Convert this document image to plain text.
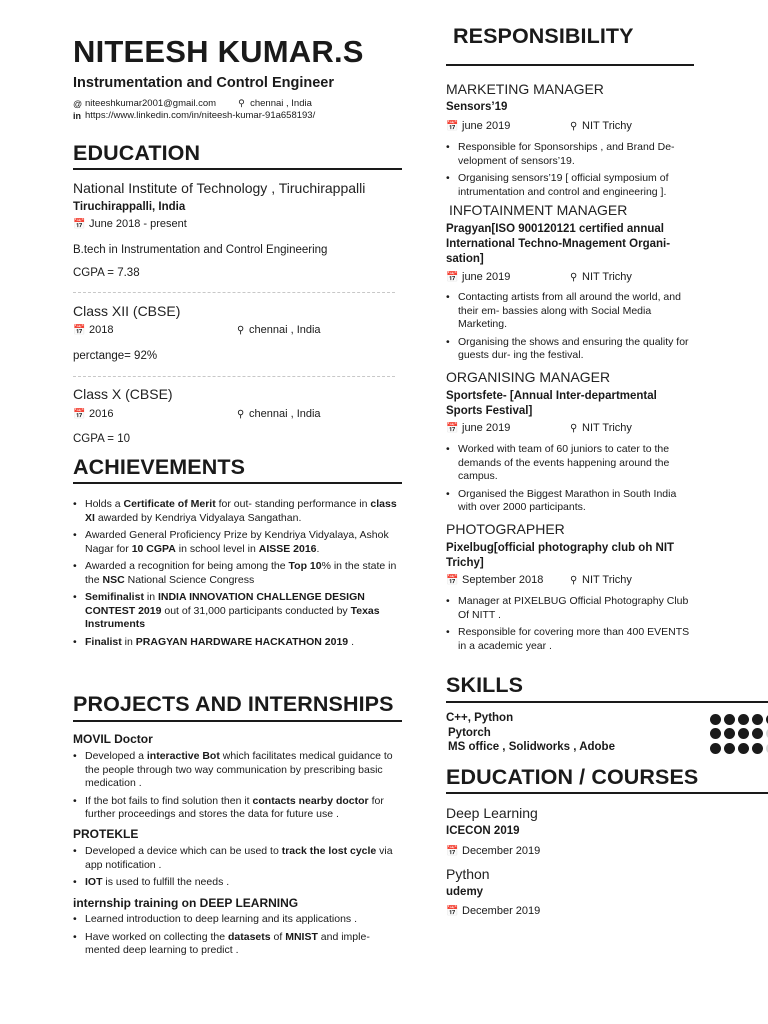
NITEESH KUMAR.S
Instrumentation and Control Engineer
@ niteeshkumar2001@gmail.com ⚲ chennai , India
in https://www.linkedin.com/in/niteesh-kumar-91a658193/
EDUCATION
National Institute of Technology , Tiruchirappalli
Tiruchirappalli, India
📅 June 2018 - present
B.tech in Instrumentation and Control Engineering
CGPA = 7.38
Class XII (CBSE)
📅 2018	⚲ chennai , India
perctange= 92%
Class X (CBSE)
📅 2016	⚲ chennai , India
CGPA = 10
ACHIEVEMENTS
• Holds a Certificate of Merit for out- standing performance in class XI awarded by Kendriya Vidyalaya Sangathan.
• Awarded General Proficiency Prize by Kendriya Vidyalaya, Ashok Nagar for 10 CGPA in school level in AISSE 2016.
• Awarded a recognition for being among the Top 10% in the state in the NSC National Science Congress
• Semifinalist in INDIA INNOVATION CHALLENGE DESIGN CONTEST 2019 out of 31,000 participants conducted by Texas Instruments
• Finalist in PRAGYAN HARDWARE HACKATHON 2019 .
PROJECTS AND INTERNSHIPS
MOVIL Doctor
• Developed a interactive Bot which facilitates medical guidance to the people through two way communication by prescribing basic medication .
• If the bot fails to find solution then it contacts nearby doctor for further proceedings and stores the data for future use .
PROTEKLE
• Developed a device which can be used to track the lost cycle via app notification .
• IOT is used to fulfill the needs .
internship training on DEEP LEARNING
• Learned introduction to deep learning and its applications .
• Have worked on collecting the datasets of MNIST and imple- mented deep learning to predict .
RESPONSIBILITY
MARKETING MANAGER
Sensors’19
📅 june 2019	⚲ NIT Trichy
• Responsible for Sponsorships , and Brand De- velopment of sensors’19.
• Organising sensors’19 [ official symposium of intrumentation and control and engineering ].
INFOTAINMENT MANAGER
Pragyan[ISO 900120121 certified annual International Techno-Mnagement Organi- sation]
📅 june 2019	⚲ NIT Trichy
• Contacting artists from all around the world, and their em- bassies along with Social Media Marketing.
• Organising the shows and ensuring the quality for guests dur- ing the festival.
ORGANISING MANAGER
Sportsfete- [Annual Inter-departmental Sports Festival]
📅 june 2019	⚲ NIT Trichy
• Worked with team of 60 juniors to cater to the demands of the events happening around the campus.
• Organised the Biggest Marathon in South India with over 2000 participants.
PHOTOGRAPHER
Pixelbug[official photography club oh NIT Trichy]
📅 September 2018	⚲ NIT Trichy
• Manager at PIXELBUG Official Photography Club Of NITT .
• Responsible for covering more than 400 EVENTS in a academic year .
SKILLS
C++, Python
Pytorch
MS office , Solidworks , Adobe
EDUCATION / COURSES
Deep Learning
ICECON 2019
📅 December 2019
Python
udemy
📅 December 2019
